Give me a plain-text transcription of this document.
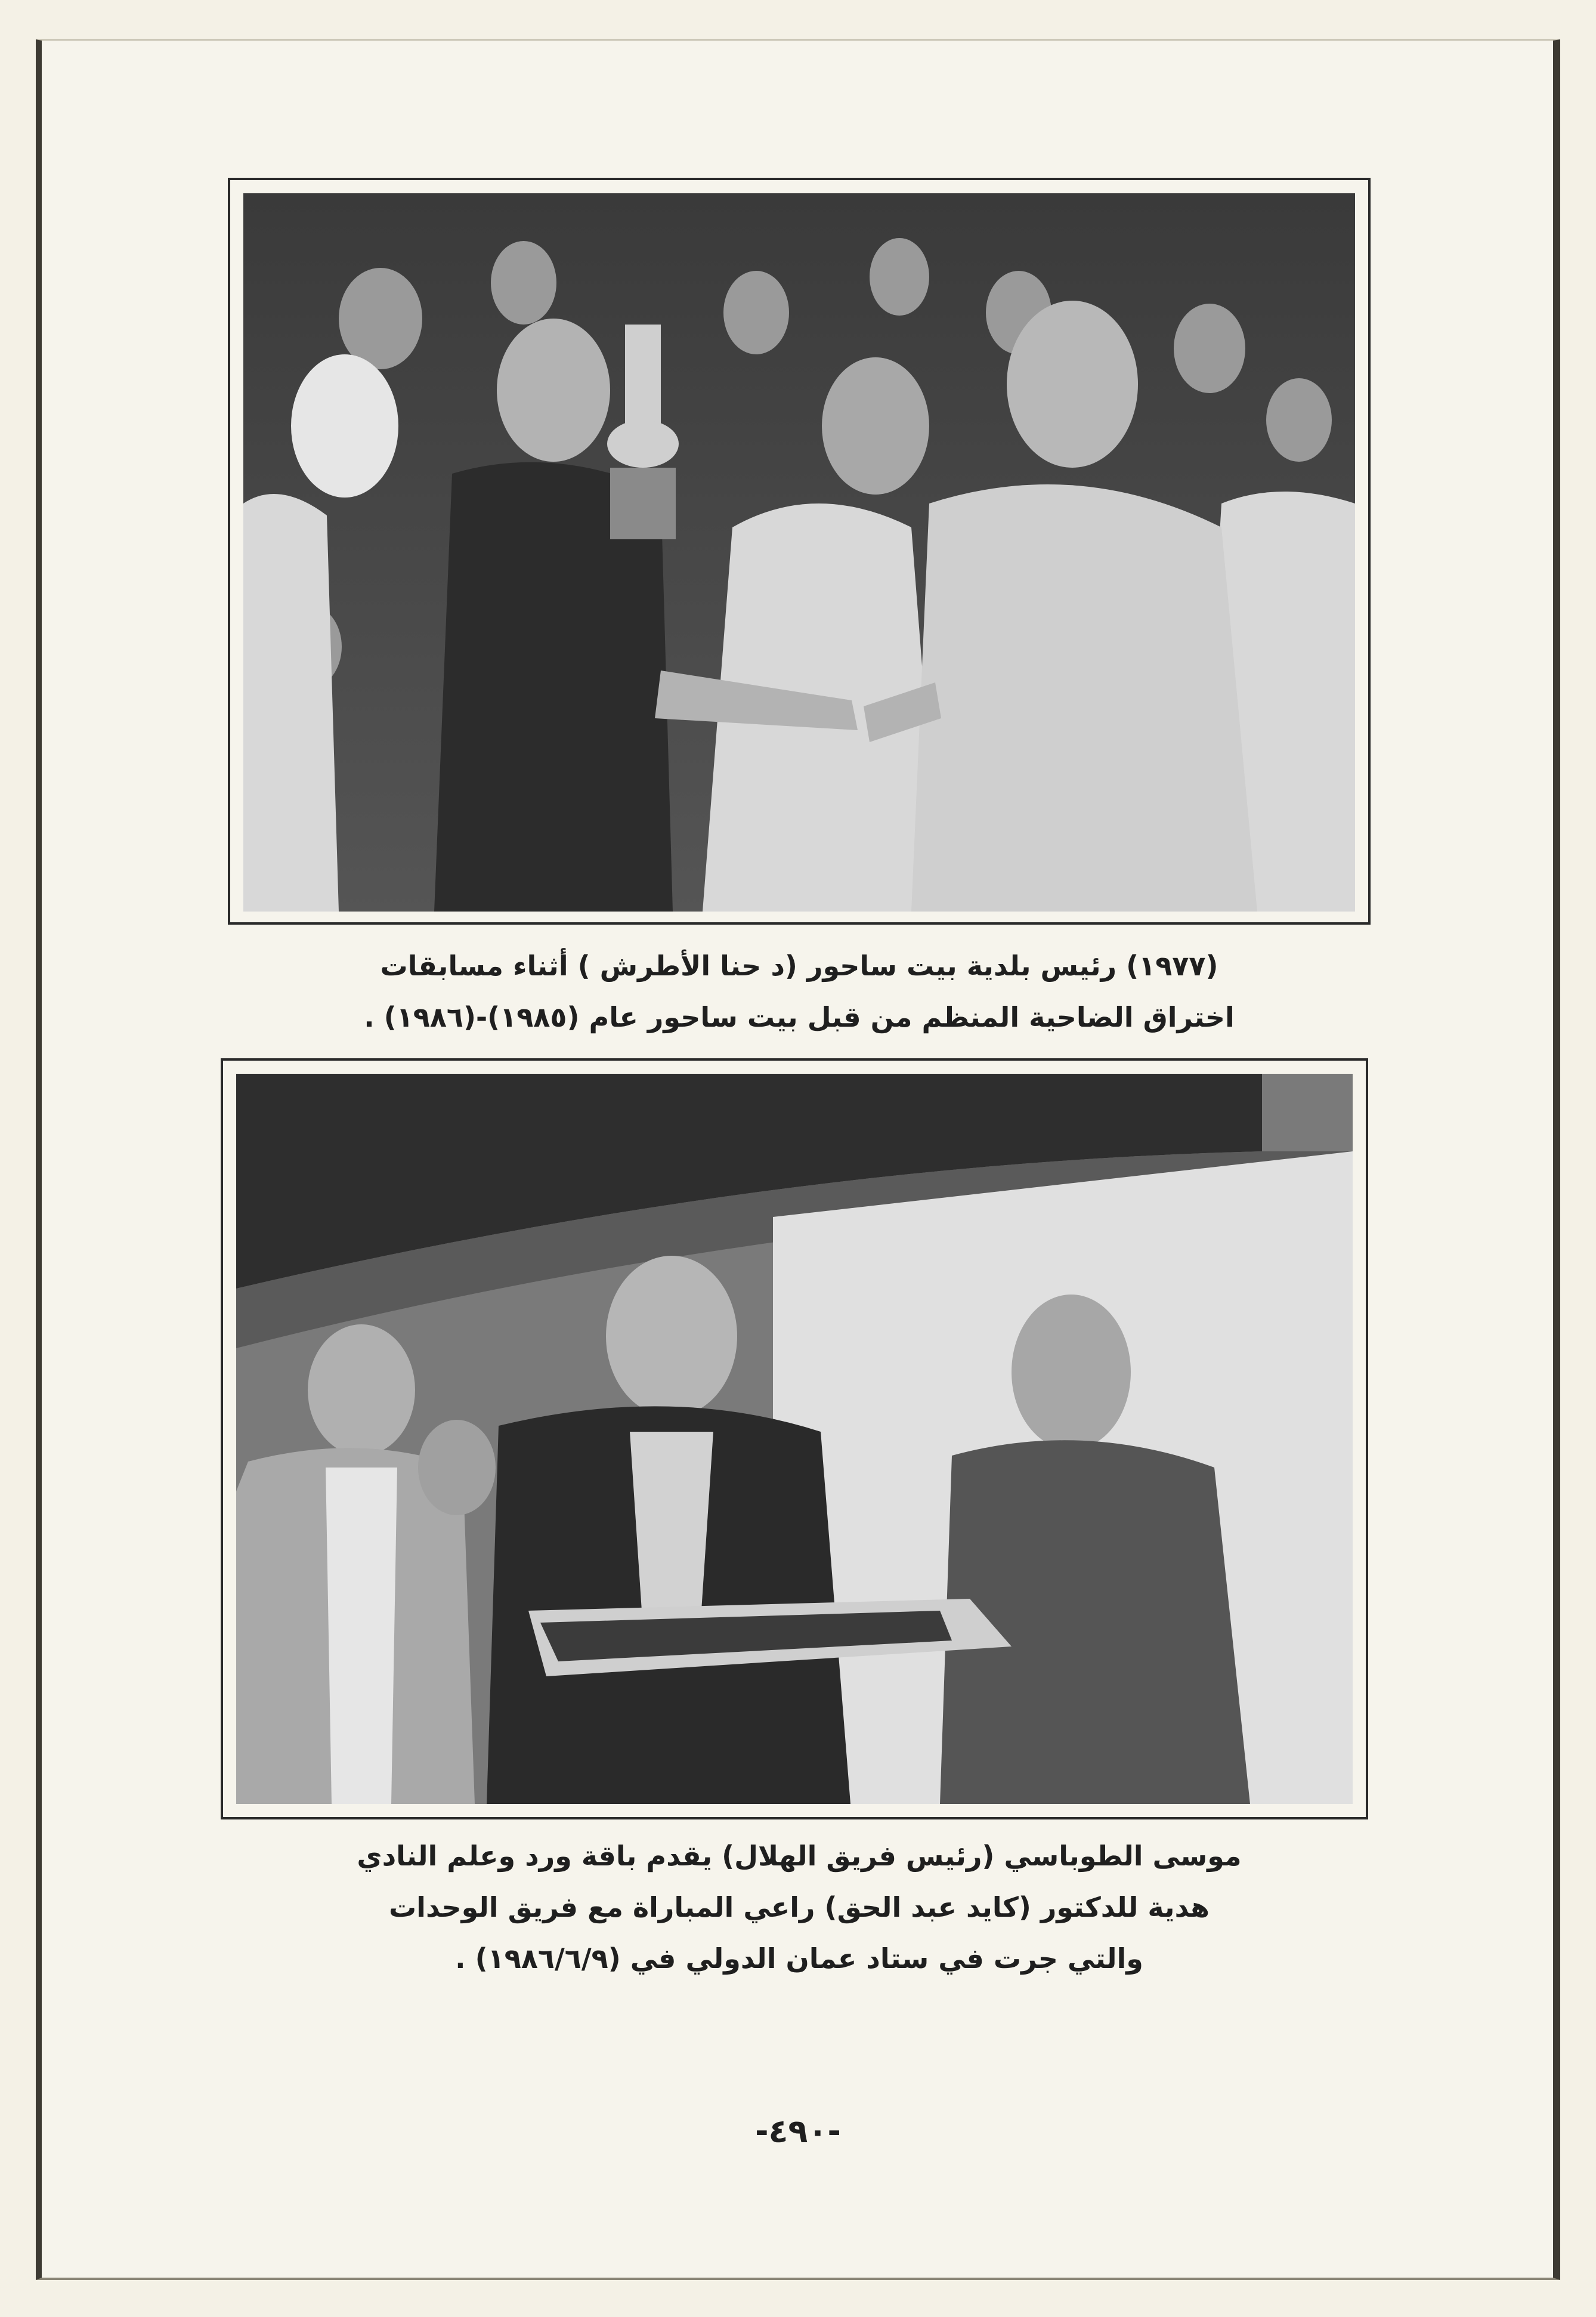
(١٩٧٧) رئيس بلدية بيت ساحور (د حنا الأطرش ) أثناء مسابقات
اختراق الضاحية المنظم من قبل بيت ساحور عام (١٩٨٥)-(١٩٨٦) .
موسى الطوباسي (رئيس فريق الهلال) يقدم باقة ورد وعلم النادي
هدية للدكتور (كايد عبد الحق) راعي المباراة مع فريق الوحدات
والتي جرت في ستاد عمان الدولي في (١٩٨٦/٦/٩) .
-٤٩٠-
